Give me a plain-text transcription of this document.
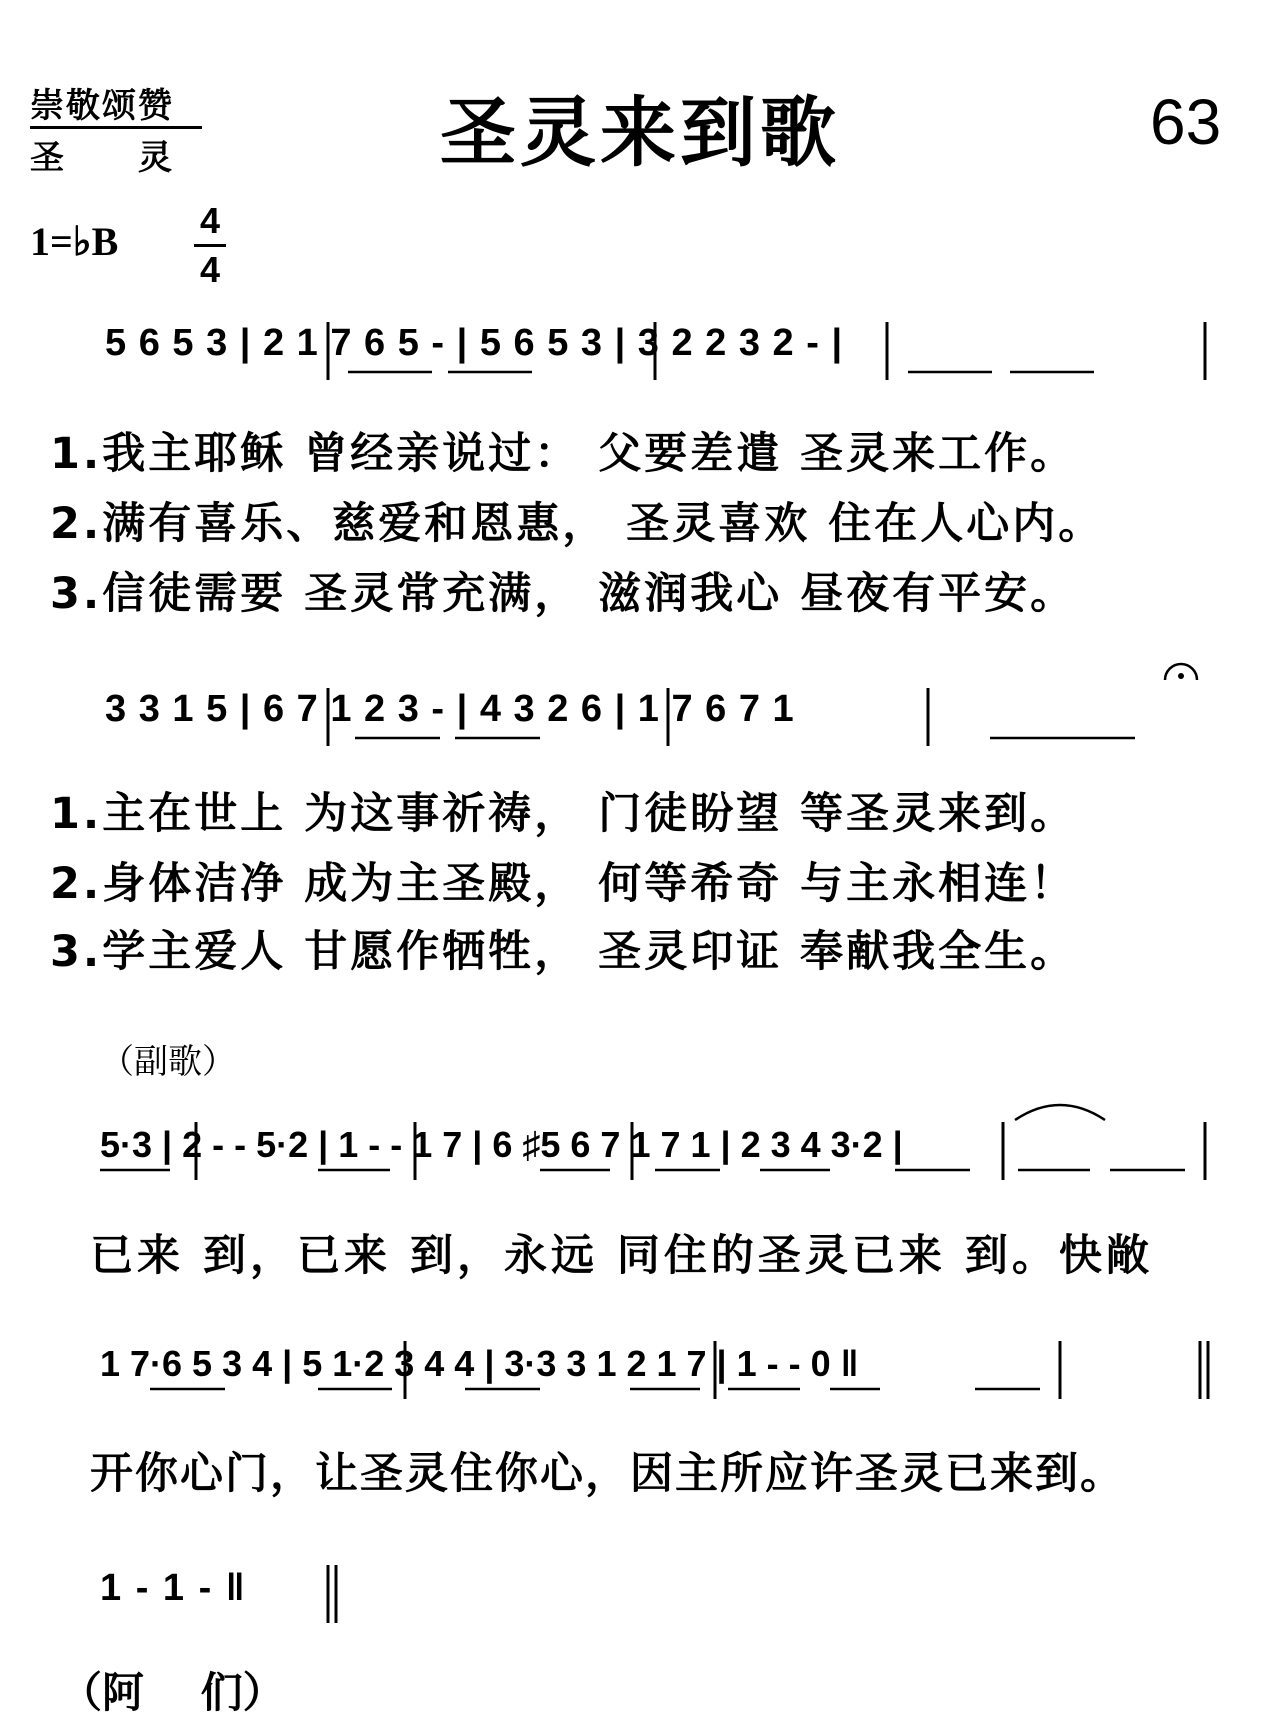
崇敬颂赞
圣　　灵	圣灵来到歌	63
1=♭B 4
4
5 6 5 3 | 2 1 7 6 5 - | 5 6 5 3 | 3 2 2 3 2 - |
1.我主耶稣 曾经亲说过： 父要差遣 圣灵来工作。
2.满有喜乐、慈爱和恩惠， 圣灵喜欢 住在人心内。
3.信徒需要 圣灵常充满， 滋润我心 昼夜有平安。
3 3 1 5 | 6 7 1 2 3 - | 4 3 2 6 | 1 7 6 7 1
1.主在世上 为这事祈祷， 门徒盼望 等圣灵来到。
2.身体洁净 成为主圣殿， 何等希奇 与主永相连！
3.学主爱人 甘愿作牺牲， 圣灵印证 奉献我全生。
（副歌）
5·3 | 2 - - 5·2 | 1 - - 1 7 | 6 ♯5 6 7 1 7 1 | 2 3 4 3·2 |
已来 到，已来 到，永远 同住的圣灵已来 到。快敞
1 7·6 5 3 4 | 5 1·2 3 4 4 | 3·3 3 1 2 1 7 | 1 - - 0 ‖
开你心门，让圣灵住你心，因主所应许圣灵已来到。
1 - 1 - ‖
（阿　 们）
